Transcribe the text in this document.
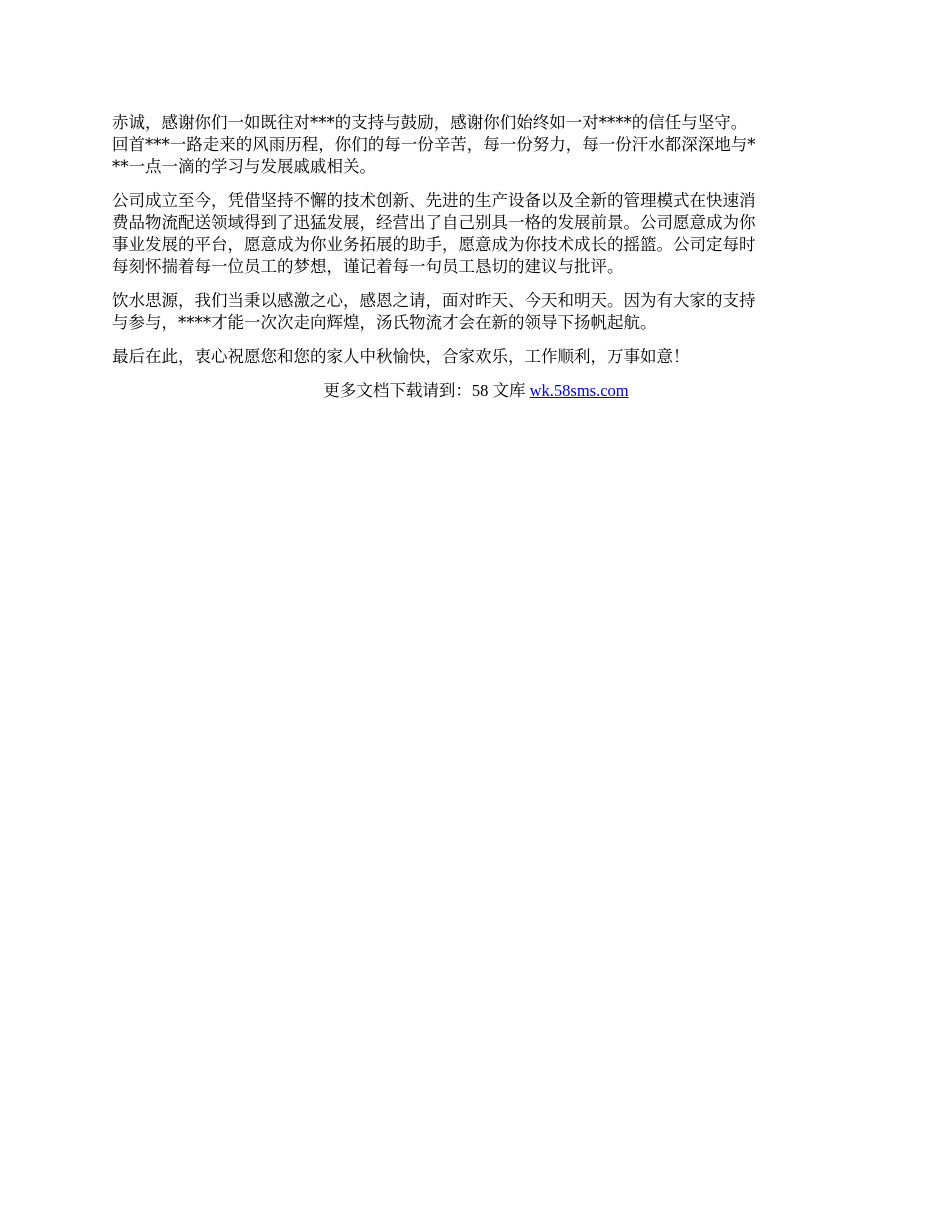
赤诚，感谢你们一如既往对***的支持与鼓励，感谢你们始终如一对****的信任与坚守。
回首***一路走来的风雨历程，你们的每一份辛苦，每一份努力，每一份汗水都深深地与*
**一点一滴的学习与发展戚戚相关。

公司成立至今，凭借坚持不懈的技术创新、先进的生产设备以及全新的管理模式在快速消
费品物流配送领域得到了迅猛发展，经营出了自己别具一格的发展前景。公司愿意成为你
事业发展的平台，愿意成为你业务拓展的助手，愿意成为你技术成长的摇篮。公司定每时
每刻怀揣着每一位员工的梦想，谨记着每一句员工恳切的建议与批评。

饮水思源，我们当秉以感激之心，感恩之请，面对昨天、今天和明天。因为有大家的支持
与参与，****才能一次次走向辉煌，汤氏物流才会在新的领导下扬帆起航。

最后在此，衷心祝愿您和您的家人中秋愉快，合家欢乐，工作顺利，万事如意！

更多文档下载请到：58 文库 wk.58sms.com
